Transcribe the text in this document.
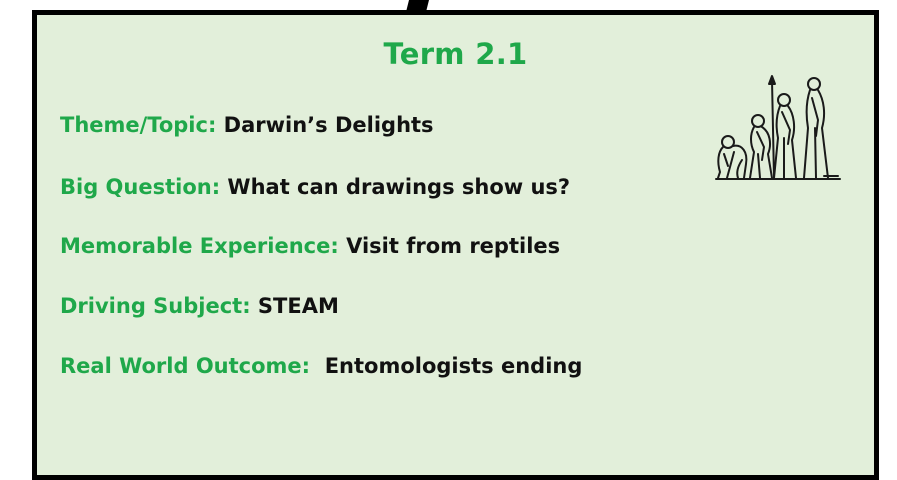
Term 2.1
Theme/Topic: Darwin’s Delights
Big Question: What can drawings show us?
Memorable Experience: Visit from reptiles
Driving Subject: STEAM
Real World Outcome:  Entomologists ending
